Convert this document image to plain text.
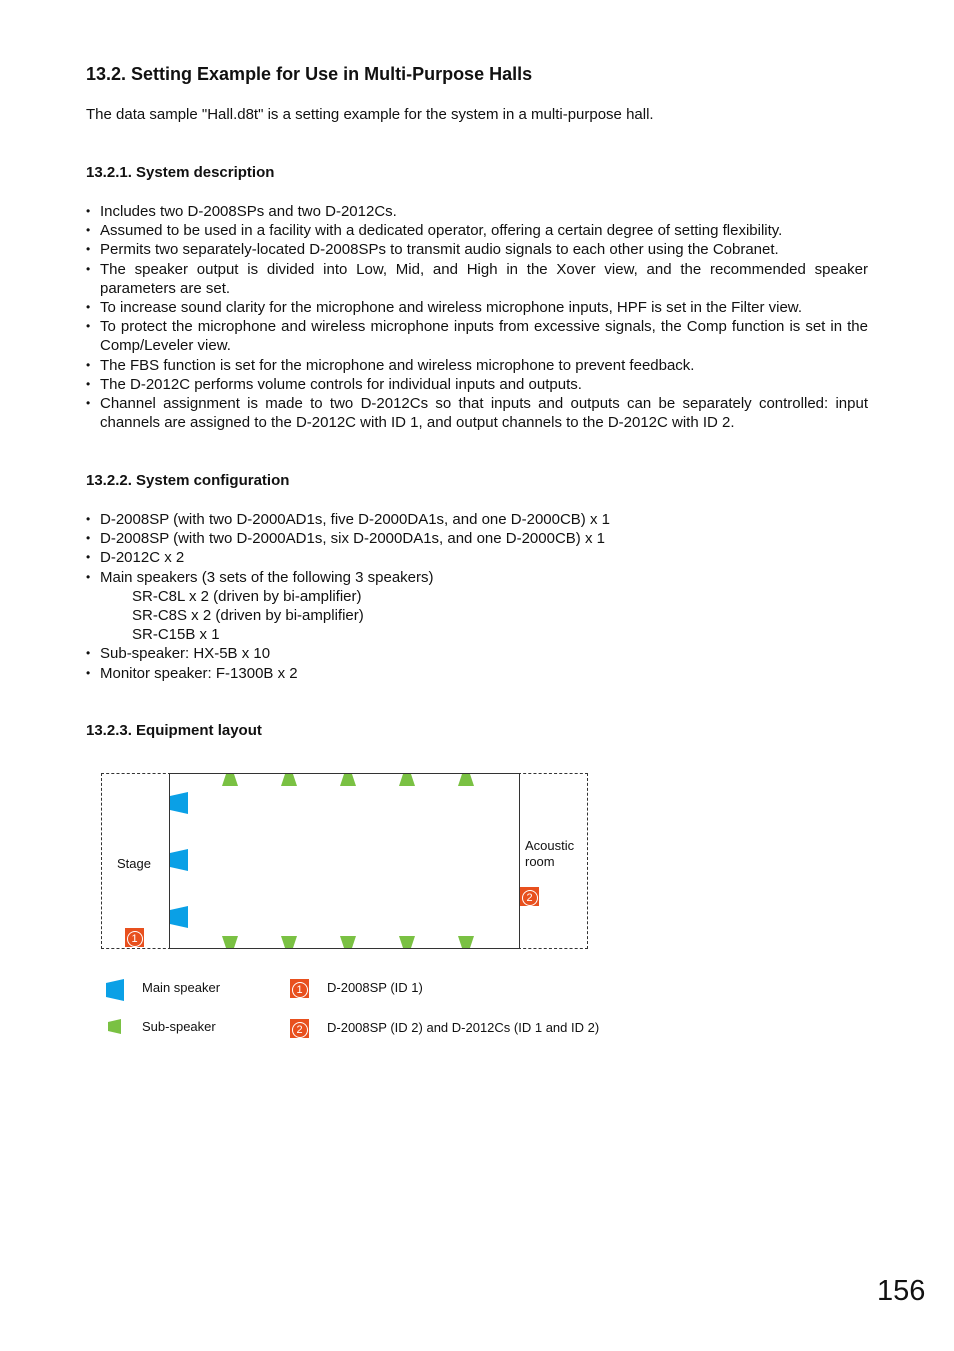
13.2. Setting Example for Use in Multi-Purpose Halls
The data sample "Hall.d8t" is a setting example for the system in a multi-purpose hall.
13.2.1. System description
• Includes two D-2008SPs and two D-2012Cs.
• Assumed to be used in a facility with a dedicated operator, offering a certain degree of setting flexibility.
• Permits two separately-located D-2008SPs to transmit audio signals to each other using the Cobranet.
• The speaker output is divided into Low, Mid, and High in the Xover view, and the recommended speaker parameters are set.
• To increase sound clarity for the microphone and wireless microphone inputs, HPF is set in the Filter view.
• To protect the microphone and wireless microphone inputs from excessive signals, the Comp function is set in the Comp/Leveler view.
• The FBS function is set for the microphone and wireless microphone to prevent feedback.
• The D-2012C performs volume controls for individual inputs and outputs.
• Channel assignment is made to two D-2012Cs so that inputs and outputs can be separately controlled: input channels are assigned to the D-2012C with ID 1, and output channels to the D-2012C with ID 2.
13.2.2. System configuration
• D-2008SP (with two D-2000AD1s, five D-2000DA1s, and one D-2000CB) x 1
• D-2008SP (with two D-2000AD1s, six D-2000DA1s, and one D-2000CB) x 1
• D-2012C x 2
• Main speakers (3 sets of the following 3 speakers)
SR-C8L x 2 (driven by bi-amplifier)
SR-C8S x 2 (driven by bi-amplifier)
SR-C15B x 1
• Sub-speaker: HX-5B x 10
• Monitor speaker: F-1300B x 2
13.2.3. Equipment layout
Stage
Acoustic
room
1
2
Main speaker
Sub-speaker
1	D-2008SP (ID 1)
2	D-2008SP (ID 2) and D-2012Cs (ID 1 and ID 2)
156
